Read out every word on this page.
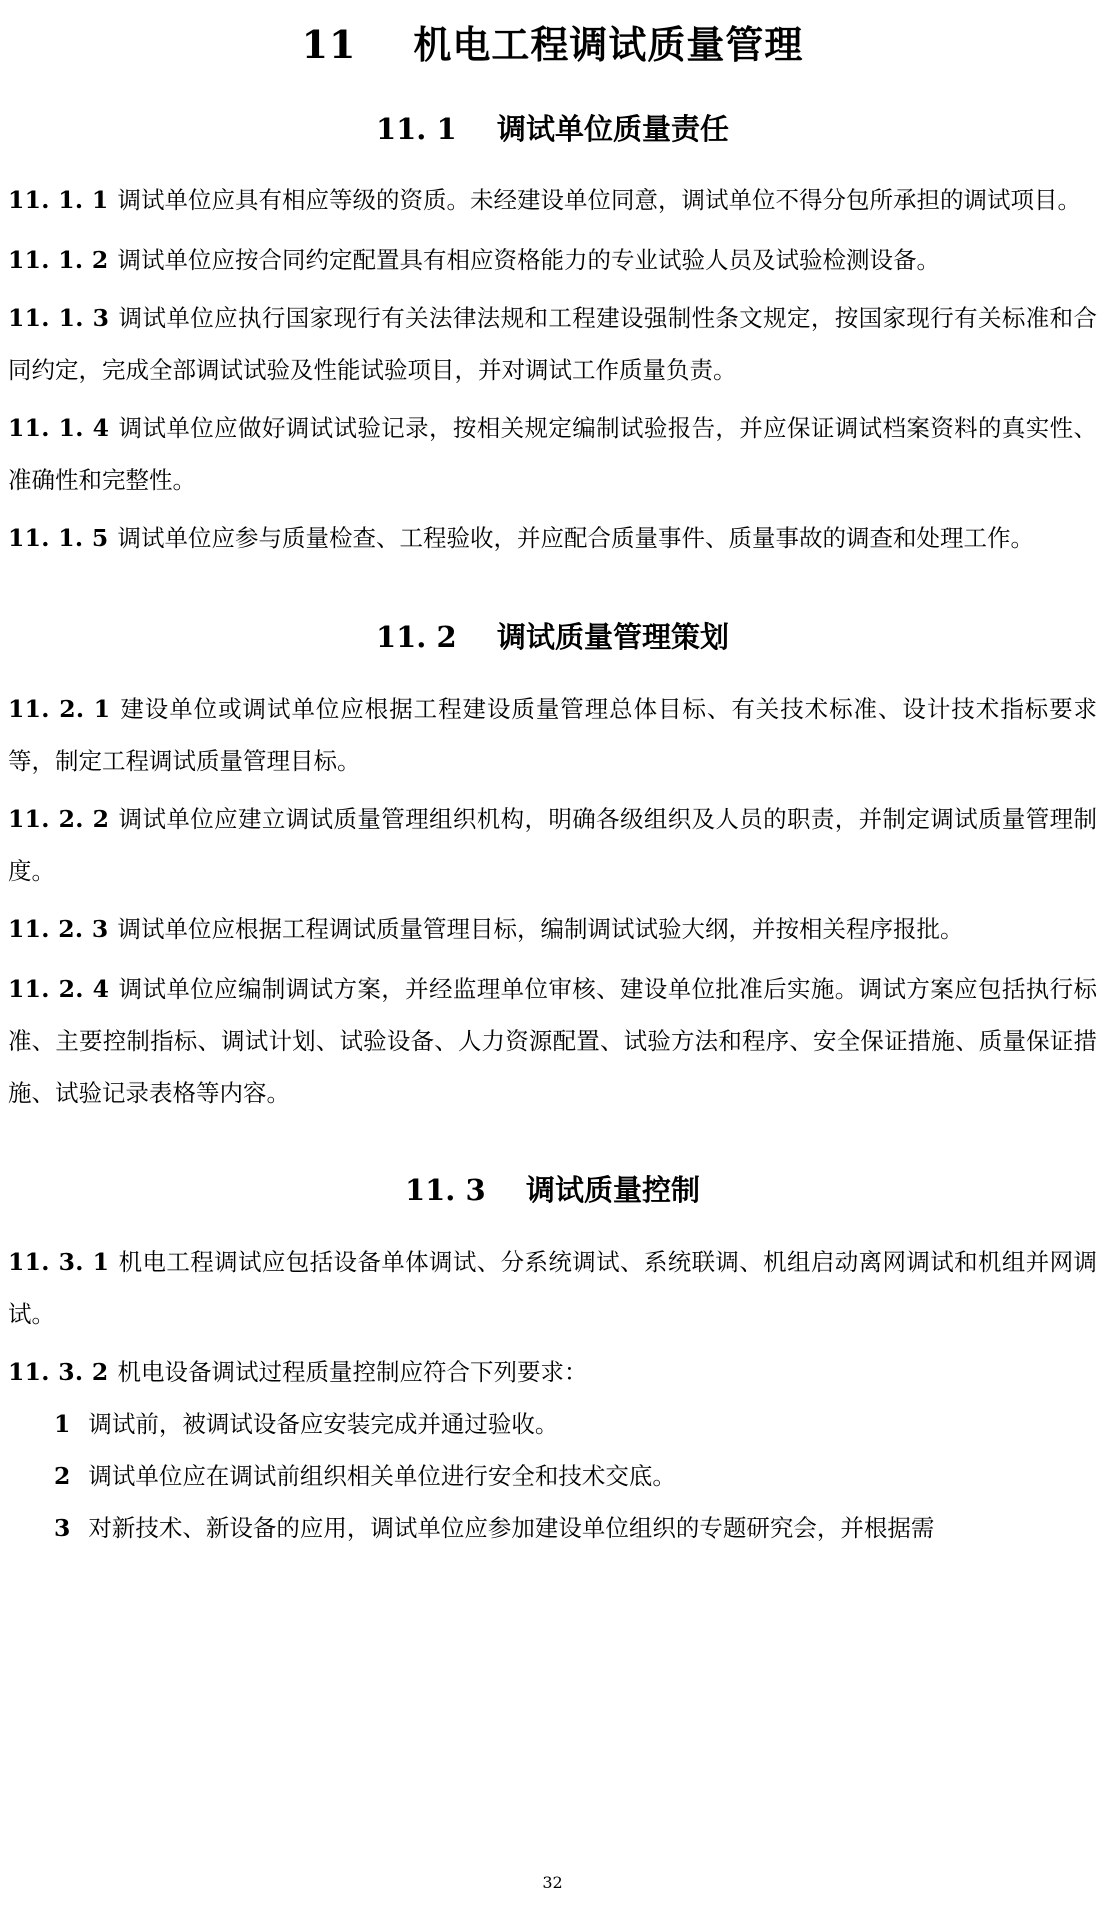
11    机电工程调试质量管理
11. 1    调试单位质量责任

11. 1. 1 调试单位应具有相应等级的资质。未经建设单位同意，调试单位不得分包所承担的调试项目。

11. 1. 2 调试单位应按合同约定配置具有相应资格能力的专业试验人员及试验检测设备。

11. 1. 3 调试单位应执行国家现行有关法律法规和工程建设强制性条文规定，按国家现行有关标准和合同约定，完成全部调试试验及性能试验项目，并对调试工作质量负责。

11. 1. 4 调试单位应做好调试试验记录，按相关规定编制试验报告，并应保证调试档案资料的真实性、准确性和完整性。

11. 1. 5 调试单位应参与质量检查、工程验收，并应配合质量事件、质量事故的调查和处理工作。

11. 2    调试质量管理策划

11. 2. 1 建设单位或调试单位应根据工程建设质量管理总体目标、有关技术标准、设计技术指标要求等，制定工程调试质量管理目标。

11. 2. 2 调试单位应建立调试质量管理组织机构，明确各级组织及人员的职责，并制定调试质量管理制度。

11. 2. 3 调试单位应根据工程调试质量管理目标，编制调试试验大纲，并按相关程序报批。

11. 2. 4 调试单位应编制调试方案，并经监理单位审核、建设单位批准后实施。调试方案应包括执行标准、主要控制指标、调试计划、试验设备、人力资源配置、试验方法和程序、安全保证措施、质量保证措施、试验记录表格等内容。

11. 3    调试质量控制

11. 3. 1 机电工程调试应包括设备单体调试、分系统调试、系统联调、机组启动离网调试和机组并网调试。

11. 3. 2 机电设备调试过程质量控制应符合下列要求：

1 调试前，被调试设备应安装完成并通过验收。

2 调试单位应在调试前组织相关单位进行安全和技术交底。

3 对新技术、新设备的应用，调试单位应参加建设单位组织的专题研究会，并根据需

32
